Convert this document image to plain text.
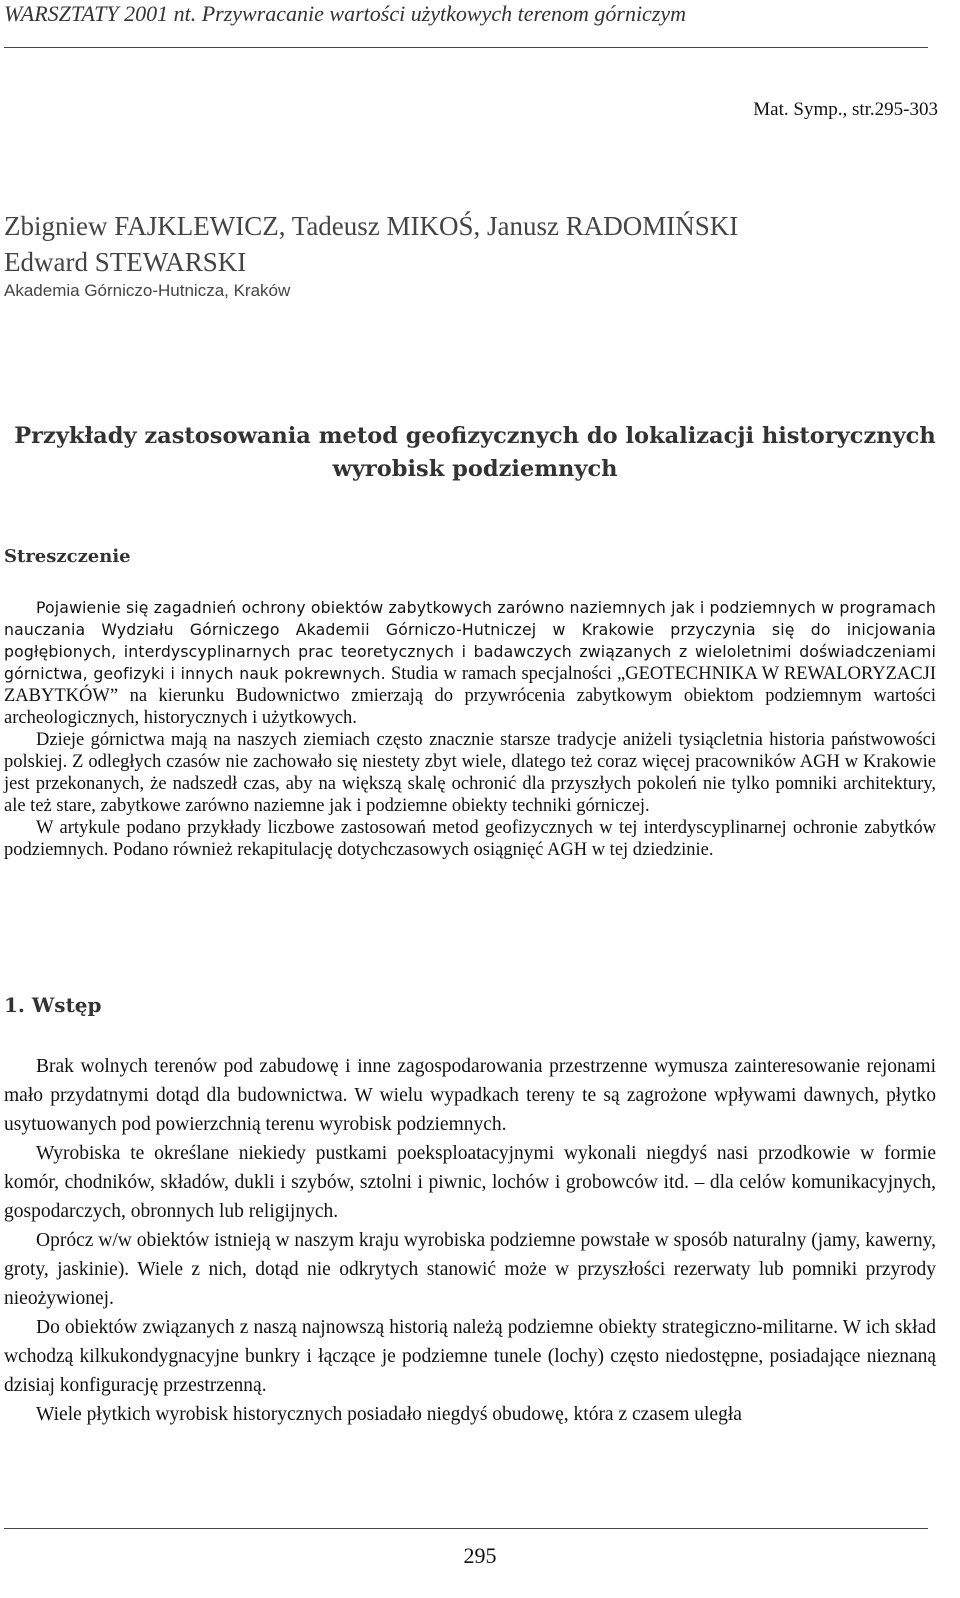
WARSZTATY 2001 nt. Przywracanie wartości użytkowych terenom górniczym
Mat. Symp., str.295-303
Zbigniew FAJKLEWICZ, Tadeusz MIKOŚ, Janusz RADOMIŃSKI
Edward STEWARSKI
Akademia Górniczo-Hutnicza, Kraków
Przykłady zastosowania metod geofizycznych do lokalizacji historycznych wyrobisk podziemnych
Streszczenie

Pojawienie się zagadnień ochrony obiektów zabytkowych zarówno naziemnych jak i podziemnych w programach nauczania Wydziału Górniczego Akademii Górniczo-Hutniczej w Krakowie przyczynia się do inicjowania pogłębionych, interdyscyplinarnych prac teoretycznych i badawczych związanych z wieloletnimi doświadczeniami górnictwa, geofizyki i innych nauk pokrewnych. Studia w ramach specjalności „GEOTECHNIKA W REWALORYZACJI ZABYTKÓW” na kierunku Budownictwo zmierzają do przywrócenia zabytkowym obiektom podziemnym wartości archeologicznych, historycznych i użytkowych.

Dzieje górnictwa mają na naszych ziemiach często znacznie starsze tradycje aniżeli tysiącletnia historia państwowości polskiej. Z odległych czasów nie zachowało się niestety zbyt wiele, dlatego też coraz więcej pracowników AGH w Krakowie jest przekonanych, że nadszedł czas, aby na większą skalę ochronić dla przyszłych pokoleń nie tylko pomniki architektury, ale też stare, zabytkowe zarówno naziemne jak i podziemne obiekty techniki górniczej.

W artykule podano przykłady liczbowe zastosowań metod geofizycznych w tej interdyscyplinarnej ochronie zabytków podziemnych. Podano również rekapitulację dotychczasowych osiągnięć AGH w tej dziedzinie.

1. Wstęp

Brak wolnych terenów pod zabudowę i inne zagospodarowania przestrzenne wymusza zainteresowanie rejonami mało przydatnymi dotąd dla budownictwa. W wielu wypadkach tereny te są zagrożone wpływami dawnych, płytko usytuowanych pod powierzchnią terenu wyrobisk podziemnych.

Wyrobiska te określane niekiedy pustkami poeksploatacyjnymi wykonali niegdyś nasi przodkowie w formie komór, chodników, składów, dukli i szybów, sztolni i piwnic, lochów i grobowców itd. – dla celów komunikacyjnych, gospodarczych, obronnych lub religijnych.

Oprócz w/w obiektów istnieją w naszym kraju wyrobiska podziemne powstałe w sposób naturalny (jamy, kawerny, groty, jaskinie). Wiele z nich, dotąd nie odkrytych stanowić może w przyszłości rezerwaty lub pomniki przyrody nieożywionej.

Do obiektów związanych z naszą najnowszą historią należą podziemne obiekty strategiczno-militarne. W ich skład wchodzą kilkukondygnacyjne bunkry i łączące je podziemne tunele (lochy) często niedostępne, posiadające nieznaną dzisiaj konfigurację przestrzenną.

Wiele płytkich wyrobisk historycznych posiadało niegdyś obudowę, która z czasem uległa

295
